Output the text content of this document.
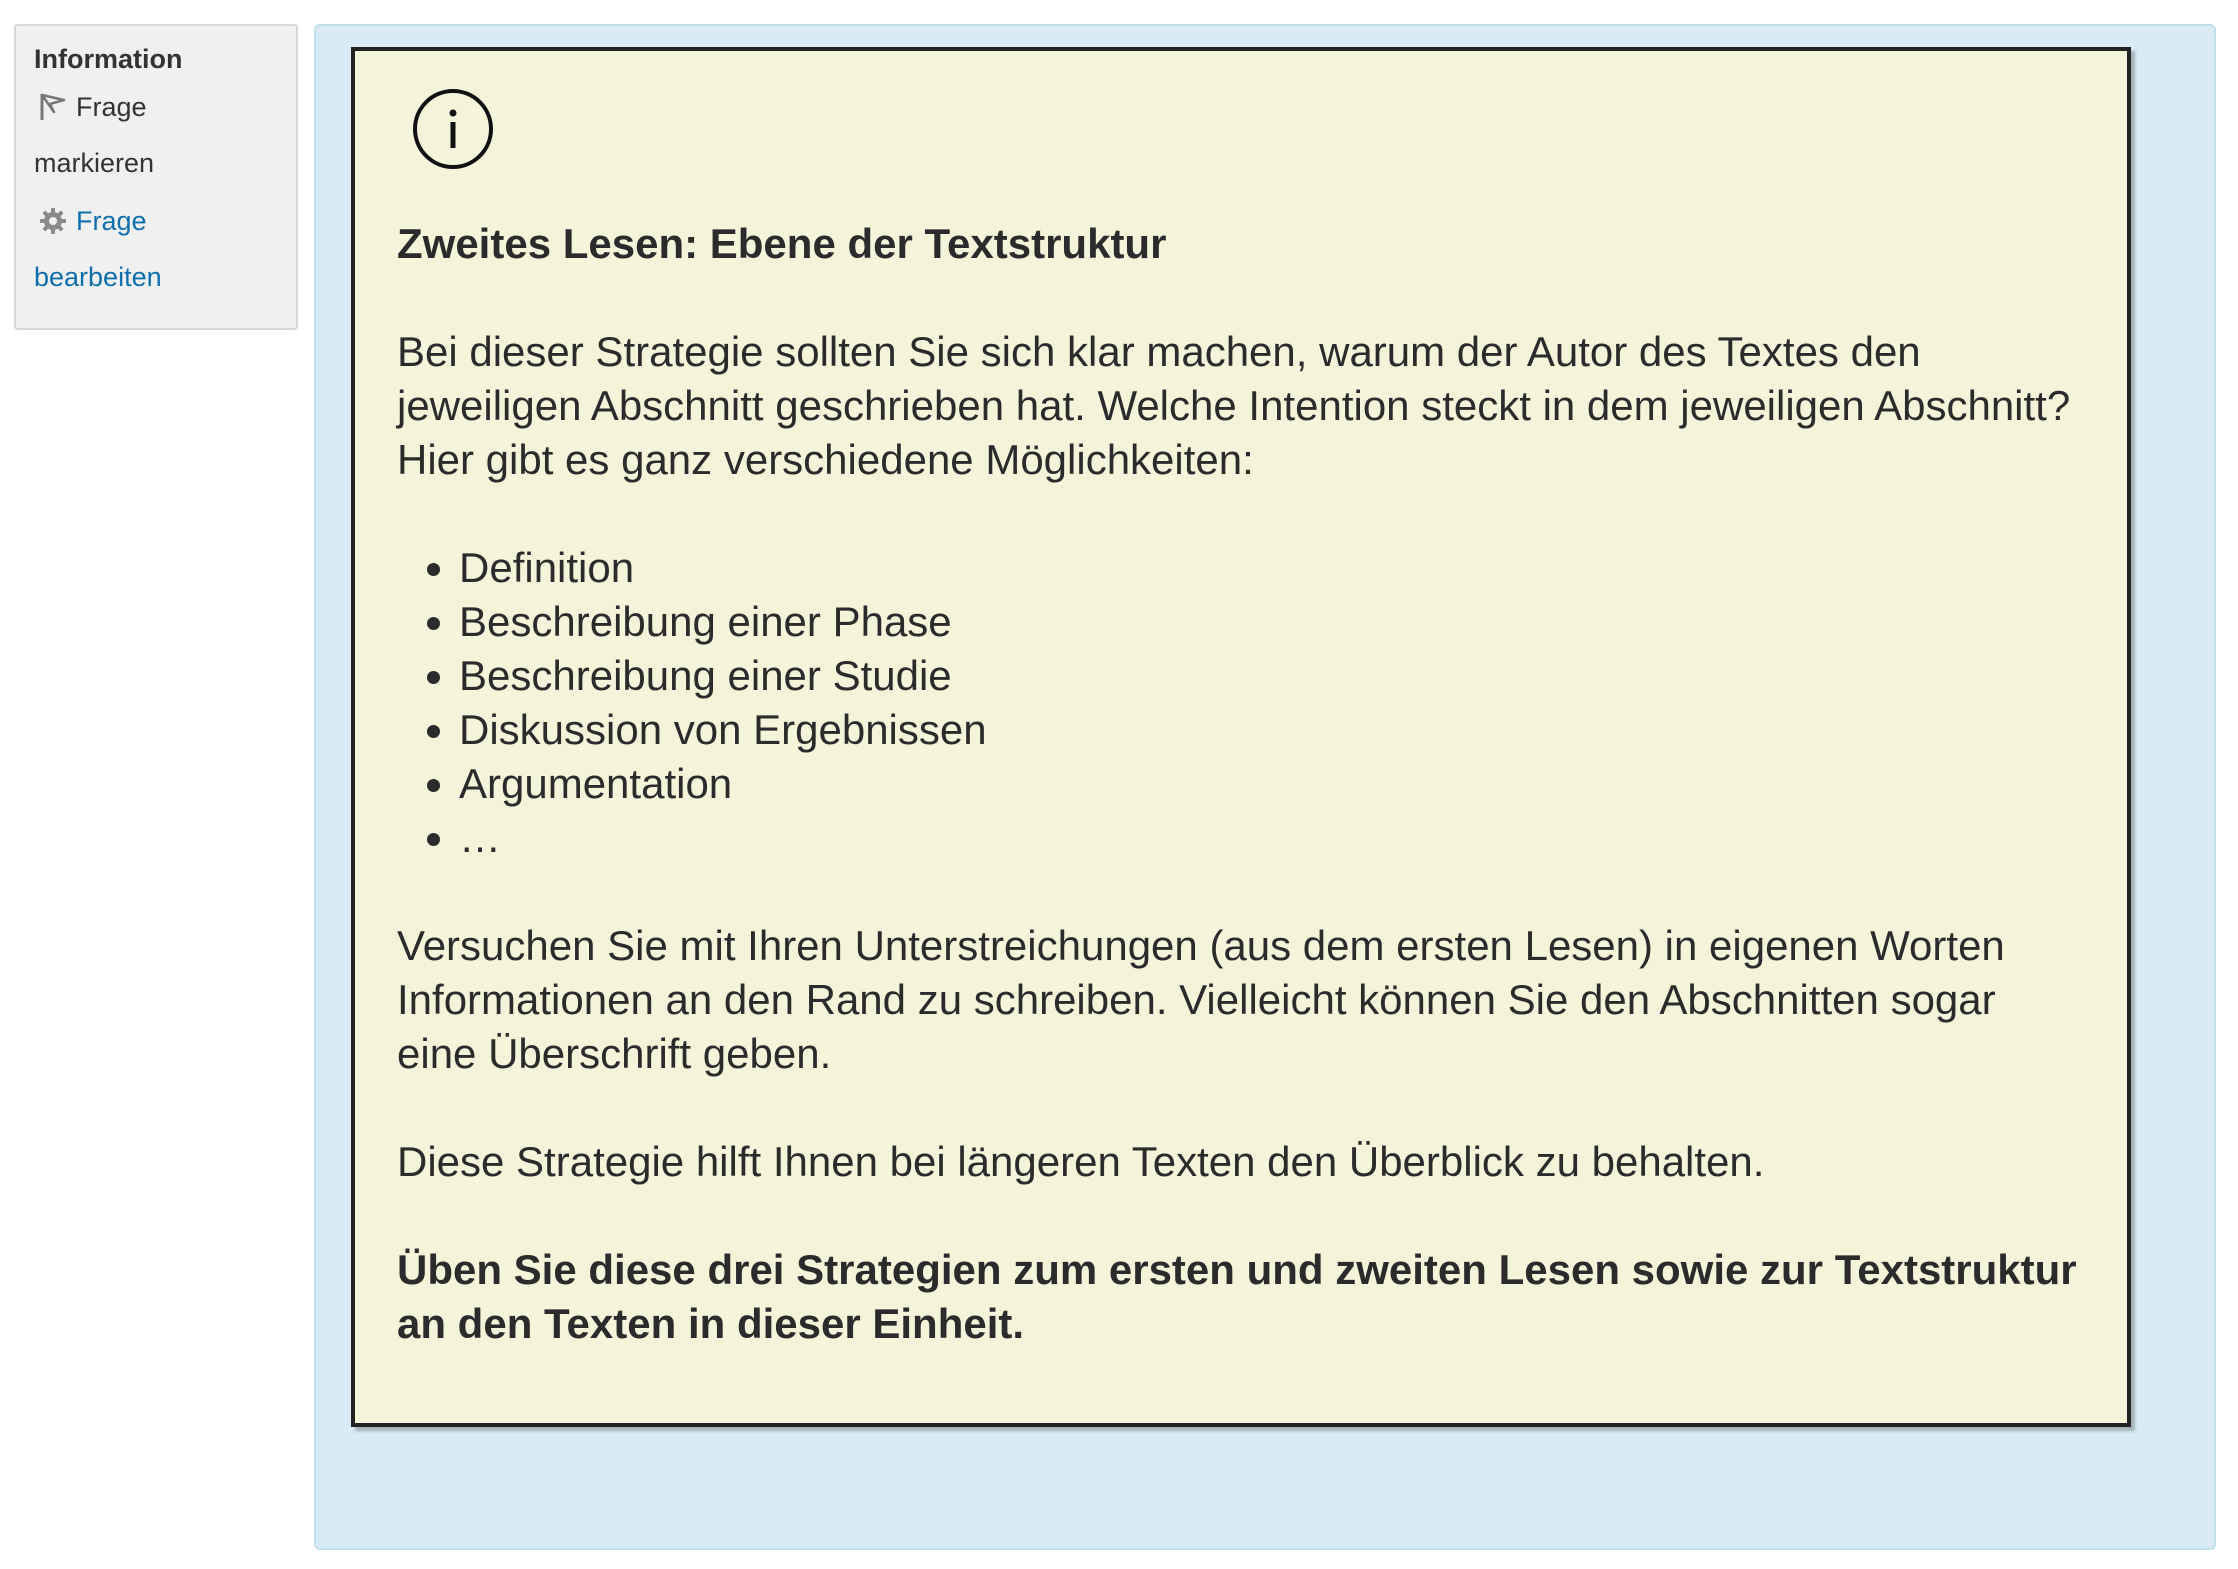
Information
Frage
markieren
Frage
bearbeiten
Zweites Lesen: Ebene der Textstruktur

Bei dieser Strategie sollten Sie sich klar machen, warum der Autor des Textes den jeweiligen Abschnitt geschrieben hat. Welche Intention steckt in dem jeweiligen Abschnitt? Hier gibt es ganz verschiedene Möglichkeiten:

• Definition
• Beschreibung einer Phase
• Beschreibung einer Studie
• Diskussion von Ergebnissen
• Argumentation
• …

Versuchen Sie mit Ihren Unterstreichungen (aus dem ersten Lesen) in eigenen Worten Informationen an den Rand zu schreiben. Vielleicht können Sie den Abschnitten sogar eine Überschrift geben.

Diese Strategie hilft Ihnen bei längeren Texten den Überblick zu behalten.

Üben Sie diese drei Strategien zum ersten und zweiten Lesen sowie zur Textstruktur an den Texten in dieser Einheit.
